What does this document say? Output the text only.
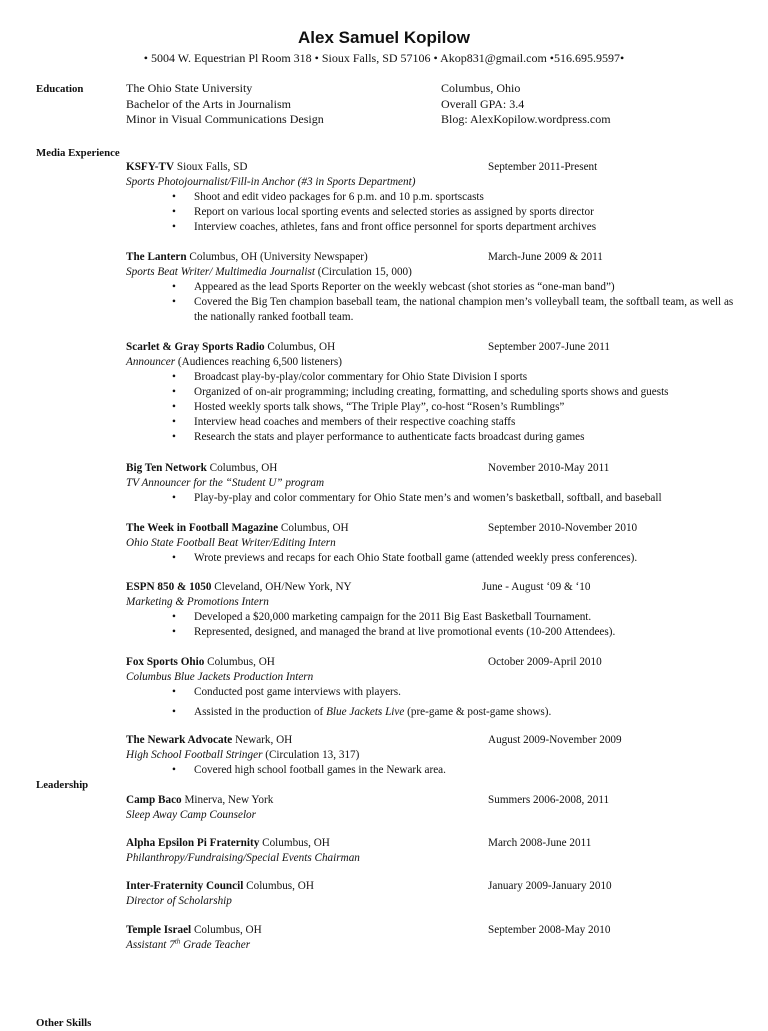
Alex Samuel Kopilow
• 5004 W. Equestrian Pl Room 318 • Sioux Falls, SD 57106 • Akop831@gmail.com •516.695.9597•
Education	The Ohio State University	Columbus, Ohio
Bachelor of the Arts in Journalism	Overall GPA: 3.4
Minor in Visual Communications Design	Blog: AlexKopilow.wordpress.com
Media Experience
KSFY-TV Sioux Falls, SD	September 2011-Present
Sports Photojournalist/Fill-in Anchor (#3 in Sports Department)
• Shoot and edit video packages for 6 p.m. and 10 p.m. sportscasts
• Report on various local sporting events and selected stories as assigned by sports director
• Interview coaches, athletes, fans and front office personnel for sports department archives
The Lantern Columbus, OH (University Newspaper)	March-June 2009 & 2011
Sports Beat Writer/ Multimedia Journalist (Circulation 15, 000)
• Appeared as the lead Sports Reporter on the weekly webcast (shot stories as “one-man band”)
• Covered the Big Ten champion baseball team, the national champion men’s volleyball team, the softball team, as well as the nationally ranked football team.
Scarlet & Gray Sports Radio Columbus, OH	September 2007-June 2011
Announcer (Audiences reaching 6,500 listeners)
• Broadcast play-by-play/color commentary for Ohio State Division I sports
• Organized of on-air programming; including creating, formatting, and scheduling sports shows and guests
• Hosted weekly sports talk shows, “The Triple Play”, co-host “Rosen’s Rumblings”
• Interview head coaches and members of their respective coaching staffs
• Research the stats and player performance to authenticate facts broadcast during games
Big Ten Network Columbus, OH	November 2010-May 2011
TV Announcer for the “Student U” program
• Play-by-play and color commentary for Ohio State men’s and women’s basketball, softball, and baseball
The Week in Football Magazine Columbus, OH	September 2010-November 2010
Ohio State Football Beat Writer/Editing Intern
• Wrote previews and recaps for each Ohio State football game (attended weekly press conferences).
ESPN 850 & 1050 Cleveland, OH/New York, NY	June - August ‘09 & ‘10
Marketing & Promotions Intern
• Developed a $20,000 marketing campaign for the 2011 Big East Basketball Tournament.
• Represented, designed, and managed the brand at live promotional events (10-200 Attendees).
Fox Sports Ohio Columbus, OH	October 2009-April 2010
Columbus Blue Jackets Production Intern
• Conducted post game interviews with players.
• Assisted in the production of Blue Jackets Live (pre-game & post-game shows).
The Newark Advocate Newark, OH	August 2009-November 2009
High School Football Stringer (Circulation 13, 317)
• Covered high school football games in the Newark area.
Leadership
Camp Baco Minerva, New York	Summers 2006-2008, 2011
Sleep Away Camp Counselor
Alpha Epsilon Pi Fraternity Columbus, OH	March 2008-June 2011
Philanthropy/Fundraising/Special Events Chairman
Inter-Fraternity Council Columbus, OH	January 2009-January 2010
Director of Scholarship
Temple Israel Columbus, OH	September 2008-May 2010
Assistant 7th Grade Teacher
Other Skills
